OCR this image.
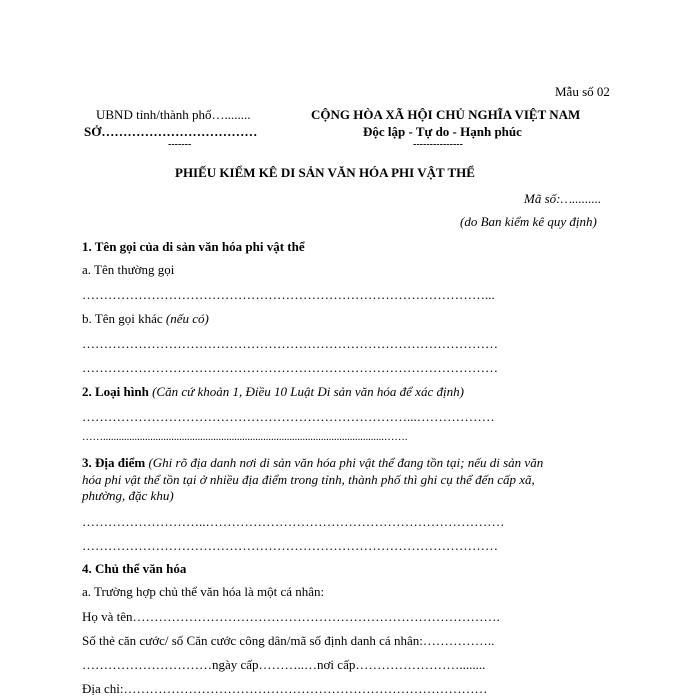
Mẫu số 02
UBND tỉnh/thành phố…........
SỞ………………………………
-------
CỘNG HÒA XÃ HỘI CHỦ NGHĨA VIỆT NAM
Độc lập - Tự do - Hạnh phúc
---------------
PHIẾU KIỂM KÊ DI SẢN VĂN HÓA PHI VẬT THỂ
Mã số:….........
(do Ban kiểm kê quy định)
1. Tên gọi của di sản văn hóa phi vật thể
a. Tên thường gọi
…………………………………………………………………………………...
b. Tên gọi khác (nếu có)
……………………………………………………………………………………
……………………………………………………………………………………
2. Loại hình (Căn cứ khoản 1, Điều 10 Luật Di sản văn hóa để xác định)
…………………………………………………………………...………………
……...........................................................................................................…….
3. Địa điểm (Ghi rõ địa danh nơi di sản văn hóa phi vật thể đang tồn tại; nếu di sản văn
hóa phi vật thể tồn tại ở nhiều địa điểm trong tỉnh, thành phố thì ghi cụ thể đến cấp xã,
phường, đặc khu)
………………………..……………………………………………………………
……………………………………………………………………………………
4. Chủ thể văn hóa
a. Trường hợp chủ thể văn hóa là một cá nhân:
Họ và tên………………………………………………………………………….
Số thẻ căn cước/ số Căn cước công dân/mã số định danh cá nhân:……………..
…………………………ngày cấp………..…nơi cấp……………………........
Địa chỉ:…………………………………………………………………………
